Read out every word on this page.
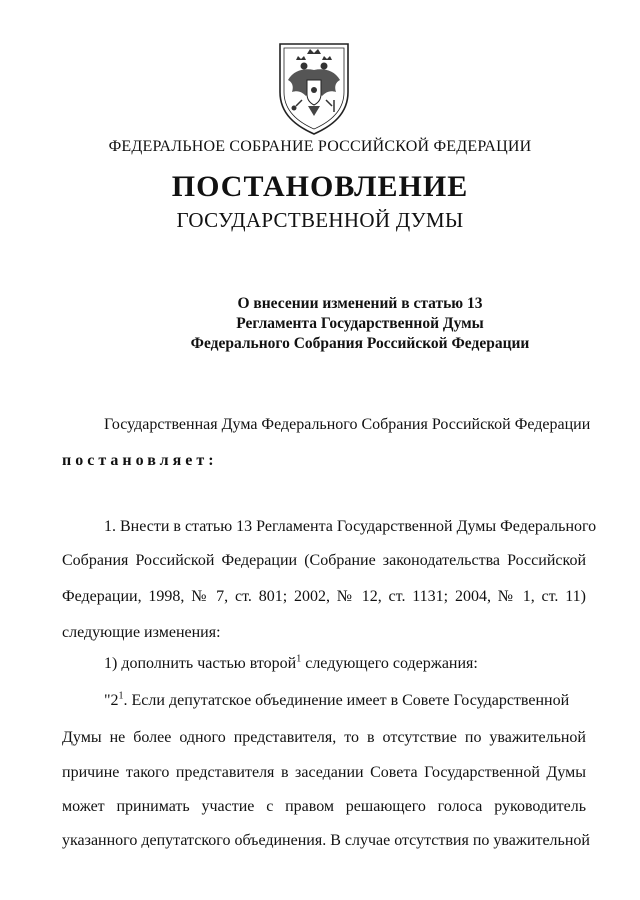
ФЕДЕРАЛЬНОЕ СОБРАНИЕ РОССИЙСКОЙ ФЕДЕРАЦИИ
ПОСТАНОВЛЕНИЕ
ГОСУДАРСТВЕННОЙ ДУМЫ
О внесении изменений в статью 13
Регламента Государственной Думы
Федерального Собрания Российской Федерации
Государственная Дума Федерального Собрания Российской Федерации
постановляет:
1. Внести в статью 13 Регламента Государственной Думы Федерального
Собрания Российской Федерации (Собрание законодательства Российской
Федерации, 1998, № 7, ст. 801; 2002, № 12, ст. 1131; 2004, № 1, ст. 11)
следующие изменения:
1) дополнить частью второй$^1$ следующего содержания:
"$2^1$. Если депутатское объединение имеет в Совете Государственной
Думы не более одного представителя, то в отсутствие по уважительной
причине такого представителя в заседании Совета Государственной Думы
может принимать участие с правом решающего голоса руководитель
указанного депутатского объединения. В случае отсутствия по уважительной
